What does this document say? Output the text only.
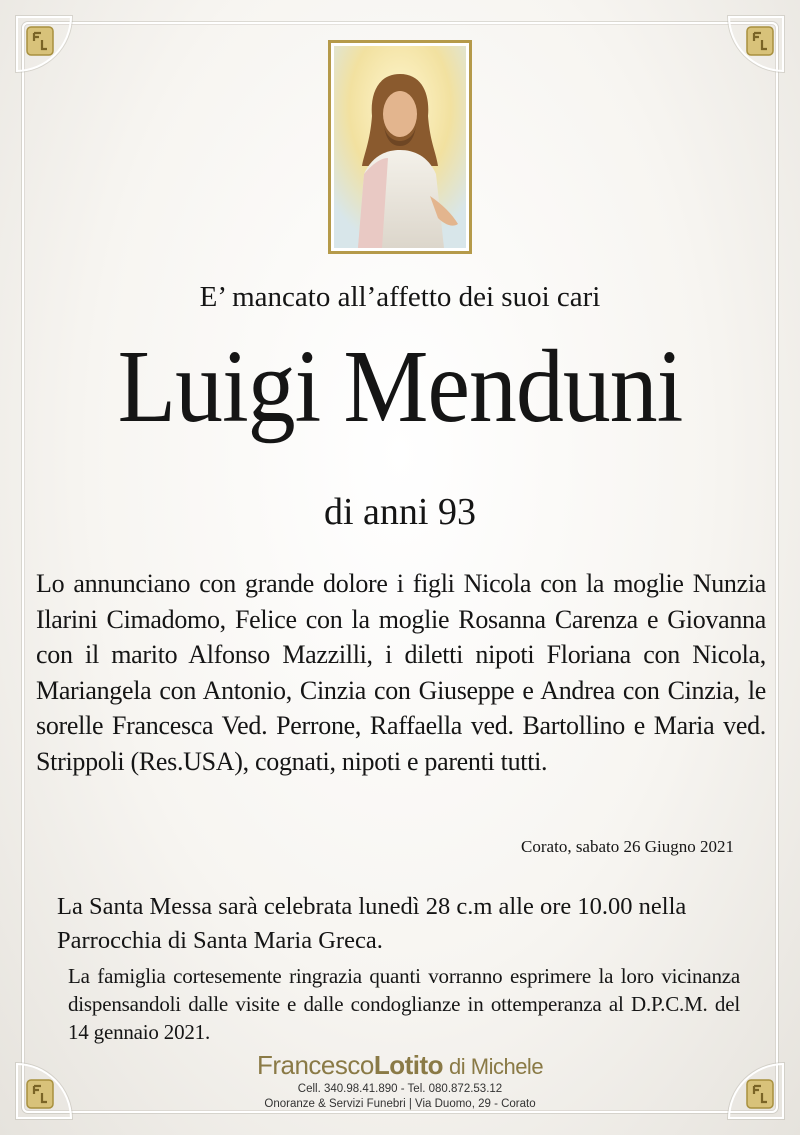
E’ mancato all’affetto dei suoi cari
Luigi Menduni
di anni 93
Lo annunciano con grande dolore i figli Nicola con la moglie Nunzia Ilarini Cimadomo, Felice con la moglie Rosanna Carenza e Giovanna con il marito Alfonso Mazzilli, i diletti nipoti Floriana con Nicola, Mariangela con Antonio, Cinzia con Giuseppe e Andrea con Cinzia, le sorelle Francesca Ved. Perrone, Raffaella ved. Bartollino e Maria ved. Strippoli (Res.USA), cognati, nipoti e parenti tutti.
Corato, sabato 26 Giugno 2021
La Santa Messa sarà celebrata lunedì 28 c.m alle ore 10.00 nella Parrocchia di Santa Maria Greca.
La famiglia cortesemente ringrazia quanti vorranno esprimere la loro vicinanza dispensandoli dalle visite e dalle condoglianze in ottemperanza al D.P.C.M. del 14 gennaio 2021.
FrancescoLotito di Michele
Cell. 340.98.41.890 - Tel. 080.872.53.12
Onoranze & Servizi Funebri | Via Duomo, 29 - Corato
